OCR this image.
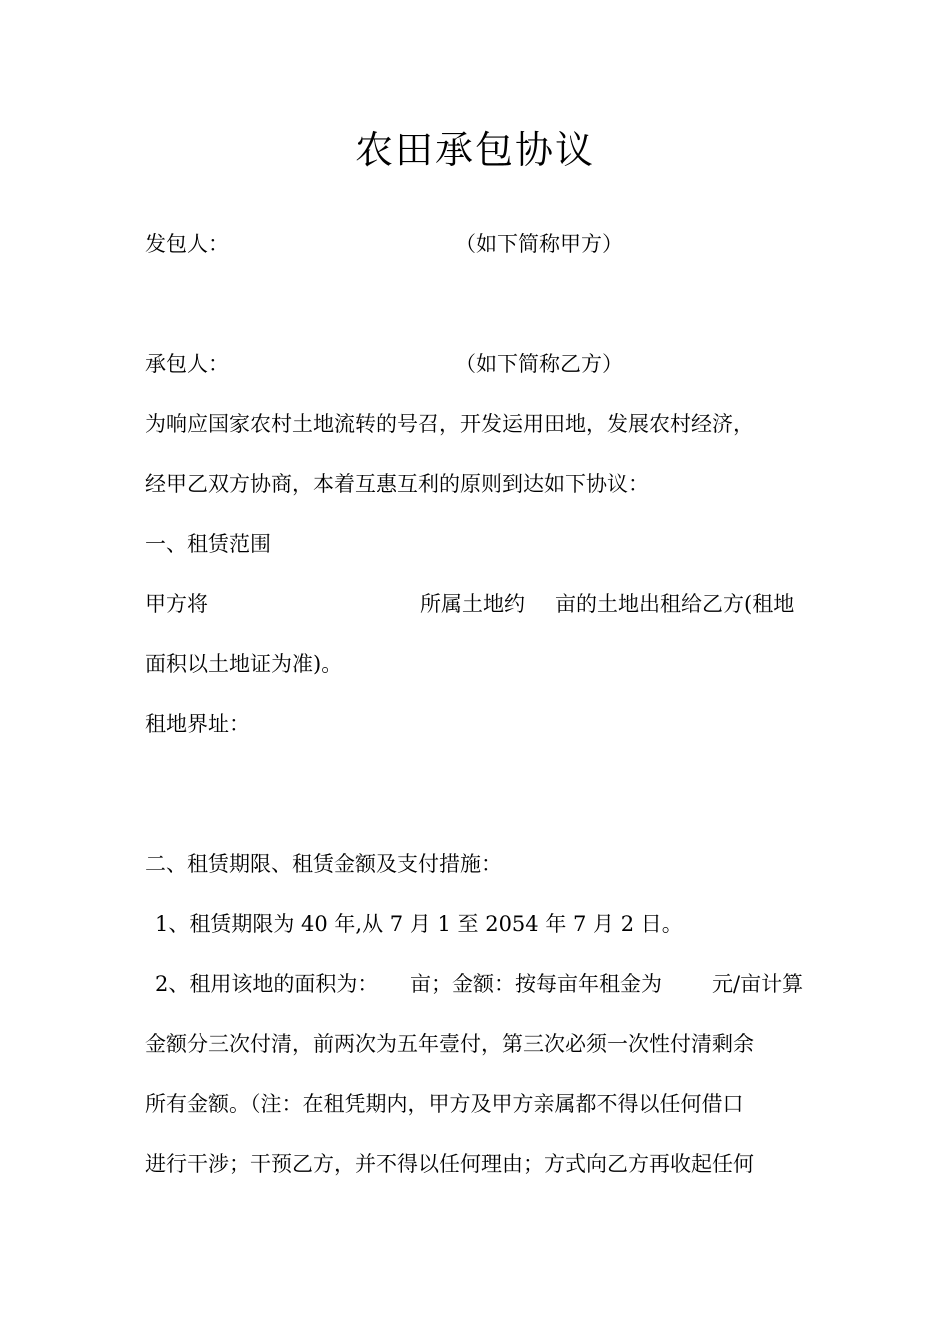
农田承包协议
发包人：	（如下简称甲方）
承包人：	（如下简称乙方）
为响应国家农村土地流转的号召，开发运用田地，发展农村经济，
经甲乙双方协商，本着互惠互利的原则到达如下协议：
一、租赁范围
甲方将	所属土地约 亩的土地出租给乙方(租地
面积以土地证为准)。
租地界址：
二、租赁期限、租赁金额及支付措施：
1、租赁期限为 40 年,从 7 月 1 至 2054 年 7 月 2 日。
2、租用该地的面积为： 亩；金额：按每亩年租金为 元/亩计算
金额分三次付清，前两次为五年壹付，第三次必须一次性付清剩余
所有金额。（注：在租凭期内，甲方及甲方亲属都不得以任何借口
进行干涉；干预乙方，并不得以任何理由；方式向乙方再收起任何
